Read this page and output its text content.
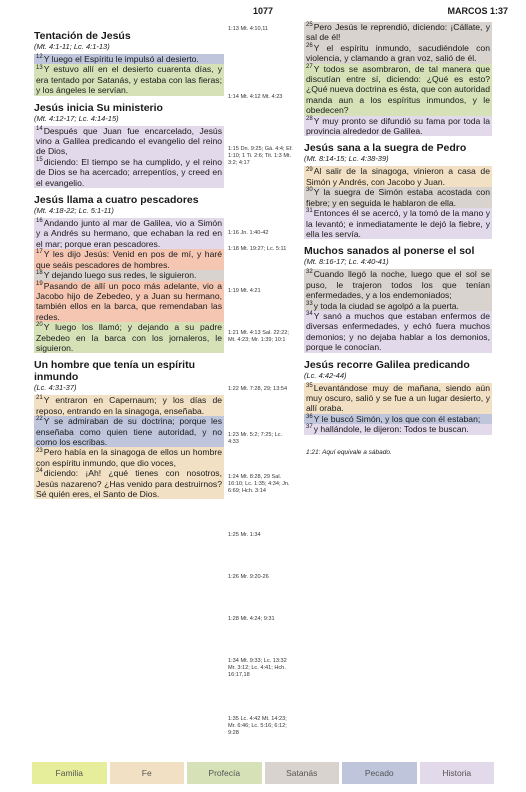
1077	MARCOS 1:37
Tentación de Jesús
(Mt. 4:1-11; Lc. 4:1-13)
$^{12}$Y luego el Espíritu le impulsó al desierto.
$^{13}$Y estuvo allí en el desierto cuarenta días, y era tentado por Satanás, y estaba con las fieras; y los ángeles le servían.
Jesús inicia Su ministerio
(Mt. 4:12-17; Lc. 4:14-15)
$^{14}$Después que Juan fue encarcelado, Jesús vino a Galilea predicando el evangelio del reino de Dios,
$^{15}$diciendo: El tiempo se ha cumplido, y el reino de Dios se ha acercado; arrepentíos, y creed en el evangelio.
Jesús llama a cuatro pescadores
(Mt. 4:18-22; Lc. 5:1-11)
$^{16}$Andando junto al mar de Galilea, vio a Simón y a Andrés su hermano, que echaban la red en el mar; porque eran pescadores.
$^{17}$Y les dijo Jesús: Venid en pos de mí, y haré que seáis pescadores de hombres.
$^{18}$Y dejando luego sus redes, le siguieron.
$^{19}$Pasando de allí un poco más adelante, vio a Jacobo hijo de Zebedeo, y a Juan su hermano, también ellos en la barca, que remendaban las redes.
$^{20}$Y luego los llamó; y dejando a su padre Zebedeo en la barca con los jornaleros, le siguieron.
Un hombre que tenía un espíritu inmundo
(Lc. 4:31-37)
$^{21}$Y entraron en Capernaum; y los días de reposo, entrando en la sinagoga, enseñaba.
$^{22}$Y se admiraban de su doctrina; porque les enseñaba como quien tiene autoridad, y no como los escribas.
$^{23}$Pero había en la sinagoga de ellos un hombre con espíritu inmundo, que dio voces,
$^{24}$diciendo: ¡Ah! ¿qué tienes con nosotros, Jesús nazareno? ¿Has venido para destruirnos? Sé quién eres, el Santo de Dios.
1:13 Mt. 4:10,11
1:14 Mt. 4:12 Mt. 4:23
1:15 Dn. 9:25; Gá. 4:4; Ef. 1:10; 1 Ti. 2:6; Tit. 1:3 Mt. 3:2; 4:17
1:16 Jn. 1:40-42
1:18 Mt. 19:27; Lc. 5:11
1:19 Mt. 4:21
1:21 Mt. 4:13 Sal. 22:22; Mt. 4:23; Mr. 1:39; 10:1
1:22 Mt. 7:28, 29; 13:54
1:23 Mr. 5:2; 7:25; Lc. 4:33
1:24 Mt. 8:28, 29 Sal. 16:10; Lc. 1:35; 4:34; Jn. 6:69; Hch. 3:14
1:25 Mr. 1:34
1:26 Mr. 9:20-26
1:28 Mt. 4:24; 9:31
1:34 Mt. 9:33; Lc. 13:32 Mr. 3:12; Lc. 4:41; Hch. 16:17,18
1:35 Lc. 4:42 Mt. 14:23; Mr. 6:46; Lc. 5:16; 6:12; 9:28
$^{25}$Pero Jesús le reprendió, diciendo: ¡Cállate, y sal de él!
$^{26}$Y el espíritu inmundo, sacudiéndole con violencia, y clamando a gran voz, salió de él.
$^{27}$Y todos se asombraron, de tal manera que discutían entre sí, diciendo: ¿Qué es esto? ¿Qué nueva doctrina es ésta, que con autoridad manda aun a los espíritus inmundos, y le obedecen?
$^{28}$Y muy pronto se difundió su fama por toda la provincia alrededor de Galilea.
Jesús sana a la suegra de Pedro
(Mt. 8:14-15; Lc. 4:38-39)
$^{29}$Al salir de la sinagoga, vinieron a casa de Simón y Andrés, con Jacobo y Juan.
$^{30}$Y la suegra de Simón estaba acostada con fiebre; y en seguida le hablaron de ella.
$^{31}$Entonces él se acercó, y la tomó de la mano y la levantó; e inmediatamente le dejó la fiebre, y ella les servía.
Muchos sanados al ponerse el sol
(Mt. 8:16-17; Lc. 4:40-41)
$^{32}$Cuando llegó la noche, luego que el sol se puso, le trajeron todos los que tenían enfermedades, y a los endemoniados;
$^{33}$y toda la ciudad se agolpó a la puerta.
$^{34}$Y sanó a muchos que estaban enfermos de diversas enfermedades, y echó fuera muchos demonios; y no dejaba hablar a los demonios, porque le conocían.
Jesús recorre Galilea predicando
(Lc. 4:42-44)
$^{35}$Levantándose muy de mañana, siendo aún muy oscuro, salió y se fue a un lugar desierto, y allí oraba.
$^{36}$Y le buscó Simón, y los que con él estaban;
$^{37}$y hallándole, le dijeron: Todos te buscan.
1:21: Aquí equivale a sábado.
Familia	Fe	Profecía	Satanás	Pecado	Historia
